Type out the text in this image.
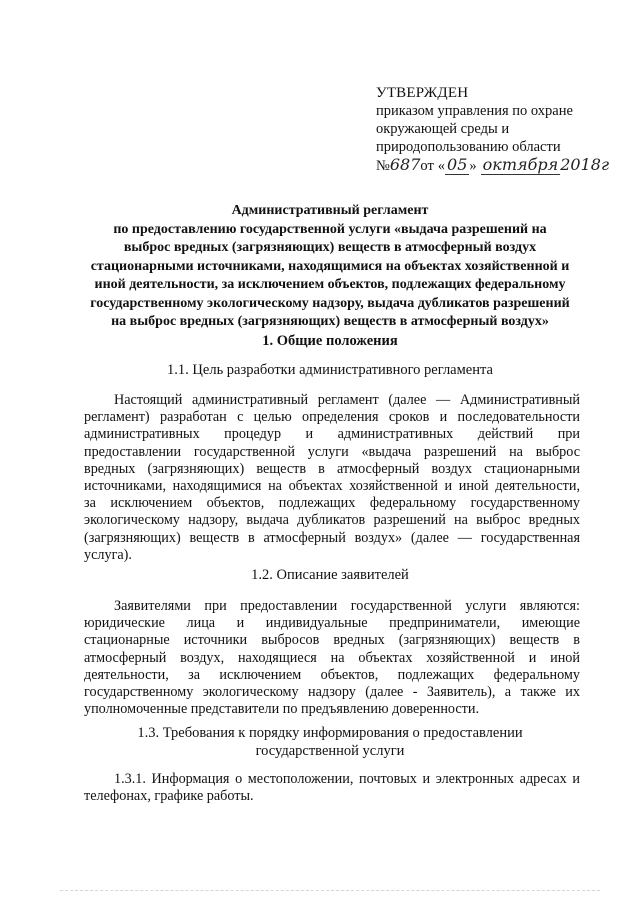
УТВЕРЖДЕН
приказом управления по охране
окружающей среды и
природопользованию области
№ 687 от « 05 » октября 2018г
Административный регламент
по предоставлению государственной услуги «выдача разрешений на
выброс вредных (загрязняющих) веществ в атмосферный воздух
стационарными источниками, находящимися на объектах хозяйственной и
иной деятельности, за исключением объектов, подлежащих федеральному
государственному экологическому надзору, выдача дубликатов разрешений
на выброс вредных (загрязняющих) веществ в атмосферный воздух»
1. Общие положения
1.1. Цель разработки административного регламента
Настоящий административный регламент (далее — Административный
регламент) разработан с целью определения сроков и последовательности
административных процедур и административных действий при
предоставлении государственной услуги «выдача разрешений на выброс
вредных (загрязняющих) веществ в атмосферный воздух стационарными
источниками, находящимися на объектах хозяйственной и иной деятельности,
за исключением объектов, подлежащих федеральному государственному
экологическому надзору, выдача дубликатов разрешений на выброс вредных
(загрязняющих) веществ в атмосферный воздух» (далее — государственная
услуга).
1.2. Описание заявителей
Заявителями при предоставлении государственной услуги являются:
юридические лица и индивидуальные предприниматели, имеющие
стационарные источники выбросов вредных (загрязняющих) веществ в
атмосферный воздух, находящиеся на объектах хозяйственной и иной
деятельности, за исключением объектов, подлежащих федеральному
государственному экологическому надзору (далее - Заявитель), а также их
уполномоченные представители по предъявлению доверенности.
1.3. Требования к порядку информирования о предоставлении
государственной услуги
1.3.1. Информация о местоположении, почтовых и электронных адресах и
телефонах, графике работы.
